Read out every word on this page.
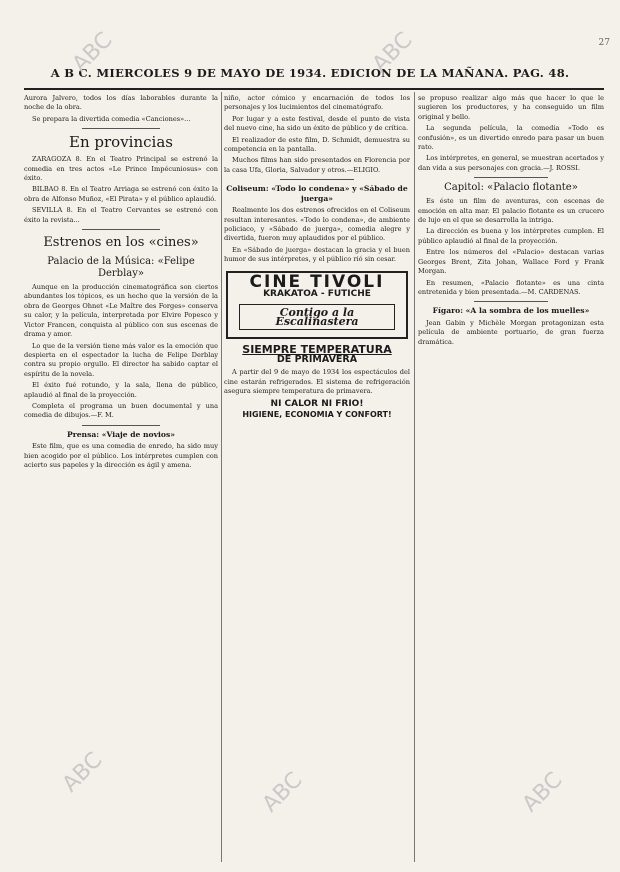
27
A B C. MIERCOLES 9 DE MAYO DE 1934. EDICION DE LA MAÑANA. PAG. 48.

Aurora Jalvero, todos los días laborables durante la noche de la obra.

Se prepara la divertida comedia «Canciones»...

En provincias

ZARAGOZA 8. En el Teatro Principal se estrenó la comedia en tres actos «Le Prince Impécuniosus» con éxito.

BILBAO 8. En el Teatro Arriaga se estrenó con éxito la obra de Alfonso Muñoz, «El Pirata» y el público aplaudió.

SEVILLA 8. En el Teatro Cervantes se estrenó con éxito la revista...

Estrenos en los «cines»
Palacio de la Música: «Felipe Derblay»

Aunque en la producción cinematográfica son ciertos abundantes los tópicos, es un hecho que la versión de la obra de Georges Ohnet «Le Maître des Forges» conserva su calor, y la película, interpretada por Elvire Popesco y Victor Francen, conquista al público con sus escenas de drama y amor.

Lo que de la versión tiene más valor es la emoción que despierta en el espectador la lucha de Felipe Derblay contra su propio orgullo. El director ha sabido captar el espíritu de la novela.

El éxito fué rotundo, y la sala, llena de público, aplaudió al final de la proyección.

Completa el programa un buen documental y una comedia de dibujos.—F. M.

Prensa: «Viaje de novios»

Este film, que es una comedia de enredo, ha sido muy bien acogido por el público. Los intérpretes cumplen con acierto sus papeles y la dirección es ágil y amena.

niño, actor cómico y encarnación de todos los personajes y los lucimientos del cinematógrafo.

Por lugar y a este festival, desde el punto de vista del nuevo cine, ha sido un éxito de público y de crítica.

El realizador de este film, D. Schmidt, demuestra su competencia en la pantalla.

Muchos films han sido presentados en Florencia por la casa Ufa, Gloria, Salvador y otros.—ELIGIO.

Coliseum: «Todo lo condena» y «Sábado de juerga»

Realmente los dos estrenos ofrecidos en el Coliseum resultan interesantes. «Todo lo condena», de ambiente policiaco, y «Sábado de juerga», comedia alegre y divertida, fueron muy aplaudidos por el público.

En «Sábado de juerga» destacan la gracia y el buen humor de sus intérpretes, y el público rió sin cesar.

CINE TIVOLI
KRAKATOA - FUTICHE
Contigo a la Escalinastera
SIEMPRE TEMPERATURA
DE PRIMAVERA

A partir del 9 de mayo de 1934 los espectáculos del cine estarán refrigerados. El sistema de refrigeración asegura siempre temperatura de primavera.

NI CALOR NI FRIO!
HIGIENE, ECONOMIA Y CONFORT!

se propuso realizar algo más que hacer lo que le sugieren los productores, y ha conseguido un film original y bello.

La segunda película, la comedia «Todo es confusión», es un divertido enredo para pasar un buen rato.

Los intérpretes, en general, se muestran acertados y dan vida a sus personajes con gracia.—J. ROSSI.

Capitol: «Palacio flotante»

Es éste un film de aventuras, con escenas de emoción en alta mar. El palacio flotante es un crucero de lujo en el que se desarrolla la intriga.

La dirección es buena y los intérpretes cumplen. El público aplaudió al final de la proyección.

Entre los números del «Palacio» destacan varias Georges Brent, Zita Johan, Wallace Ford y Frank Morgan.

En resumen, «Palacio flotante» es una cinta entretenida y bien presentada.—M. CARDENAS.

Fígaro: «A la sombra de los muelles»

Jean Gabin y Michèle Morgan protagonizan esta película de ambiente portuario, de gran fuerza dramática.

ABC	ABC
ABC	ABC	ABC
